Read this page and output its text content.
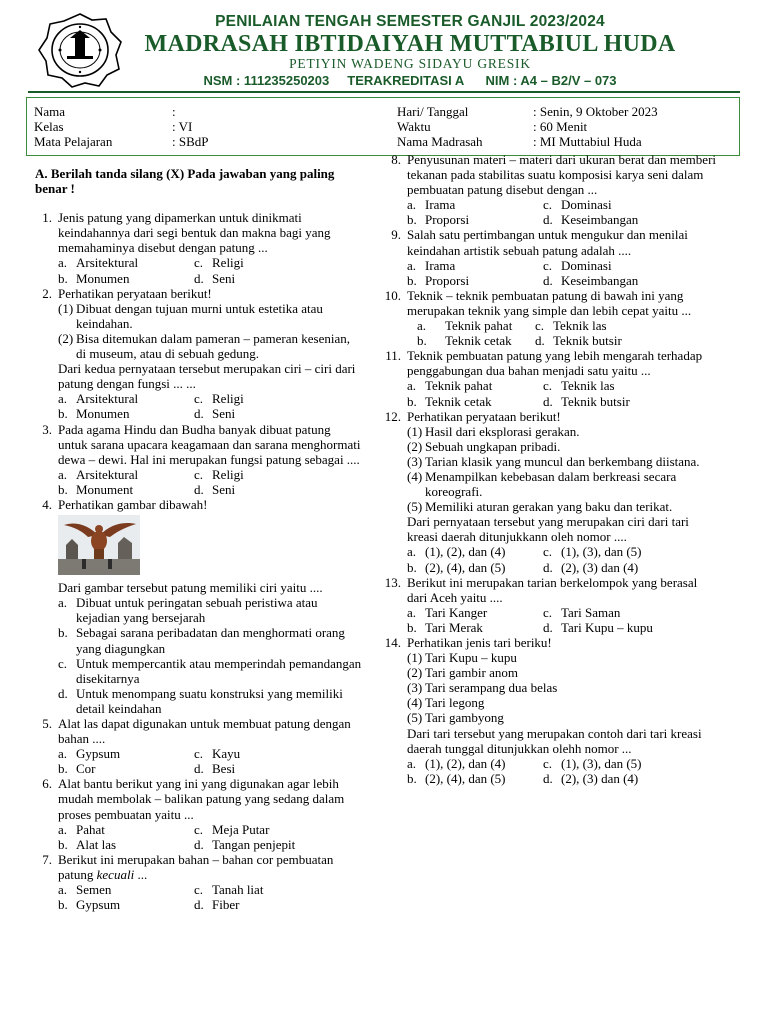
PENILAIAN TENGAH SEMESTER GANJIL 2023/2024
MADRASAH IBTIDAIYAH MUTTABIUL HUDA
PETIYIN WADENG SIDAYU GRESIK
NSM : 111235250203     TERAKREDITASI A      NIM : A4 – B2/V – 073
Nama	:
Kelas	: VI
Mata Pelajaran	: SBdP
Hari/ Tanggal	: Senin, 9 Oktober 2023
Waktu	: 60 Menit
Nama Madrasah	: MI Muttabiul Huda
A. Berilah tanda silang (X) Pada jawaban yang paling benar !
1. Jenis patung yang dipamerkan untuk dinikmati keindahannya dari segi bentuk dan makna bagi yang memahaminya disebut dengan patung ...
a. Arsitektural	c. Religi
b. Monumen	d. Seni
2. Perhatikan peryataan berikut!
(1) Dibuat dengan tujuan murni untuk estetika atau keindahan.
(2) Bisa ditemukan dalam pameran – pameran kesenian, di museum, atau di sebuah gedung.
Dari kedua pernyataan tersebut merupakan ciri – ciri dari patung dengan fungsi ... ...
a. Arsitektural	c. Religi
b. Monumen	d. Seni
3. Pada agama Hindu dan Budha banyak dibuat patung untuk sarana upacara keagamaan dan sarana menghormati dewa – dewi. Hal ini merupakan fungsi patung sebagai ....
a. Arsitektural	c. Religi
b. Monument	d. Seni
4. Perhatikan gambar dibawah!
Dari gambar tersebut patung memiliki ciri yaitu ....
a. Dibuat untuk peringatan sebuah peristiwa atau kejadian yang bersejarah
b. Sebagai sarana peribadatan dan menghormati orang yang diagungkan
c. Untuk mempercantik atau memperindah pemandangan disekitarnya
d. Untuk menompang suatu konstruksi yang memiliki detail keindahan
5. Alat las dapat digunakan untuk membuat patung dengan bahan ....
a. Gypsum	c. Kayu
b. Cor	d. Besi
6. Alat bantu berikut yang ini yang digunakan agar lebih mudah membolak – balikan patung yang sedang dalam proses pembuatan yaitu ...
a. Pahat	c. Meja Putar
b. Alat las	d. Tangan penjepit
7. Berikut ini merupakan bahan – bahan cor pembuatan patung kecuali ...
a. Semen	c. Tanah liat
b. Gypsum	d. Fiber
8. Penyusunan materi – materi dari ukuran berat dan memberi tekanan pada stabilitas suatu komposisi karya seni dalam pembuatan patung disebut dengan ...
a. Irama	c. Dominasi
b. Proporsi	d. Keseimbangan
9. Salah satu pertimbangan untuk mengukur dan menilai keindahan artistik sebuah patung adalah ....
a. Irama	c. Dominasi
b. Proporsi	d. Keseimbangan
10. Teknik – teknik pembuatan patung di bawah ini yang merupakan teknik yang simple dan lebih cepat yaitu ...
a.	Teknik pahat	c. Teknik las
b.	Teknik cetak	d. Teknik butsir
11. Teknik pembuatan patung yang lebih mengarah terhadap penggabungan dua bahan menjadi satu yaitu ...
a. Teknik pahat	c. Teknik las
b. Teknik cetak	d. Teknik butsir
12. Perhatikan peryataan berikut!
(1) Hasil dari eksplorasi gerakan.
(2) Sebuah ungkapan pribadi.
(3) Tarian klasik yang muncul dan berkembang diistana.
(4) Menampilkan kebebasan dalam berkreasi secara koreografi.
(5) Memiliki aturan gerakan yang baku dan terikat.
Dari pernyataan tersebut yang merupakan ciri dari tari kreasi daerah ditunjukkann oleh nomor ....
a. (1), (2), dan (4)	c. (1), (3), dan (5)
b. (2), (4), dan (5)	d. (2), (3) dan (4)
13. Berikut ini merupakan tarian berkelompok yang berasal dari Aceh yaitu ....
a. Tari Kanger	c. Tari Saman
b. Tari Merak	d. Tari Kupu – kupu
14. Perhatikan jenis tari beriku!
(1) Tari Kupu – kupu
(2) Tari gambir anom
(3) Tari serampang dua belas
(4) Tari legong
(5) Tari gambyong
Dari tari tersebut yang merupakan contoh dari tari kreasi daerah tunggal ditunjukkan olehh nomor ...
a. (1), (2), dan (4)	c. (1), (3), dan (5)
b. (2), (4), dan (5)	d. (2), (3) dan (4)
